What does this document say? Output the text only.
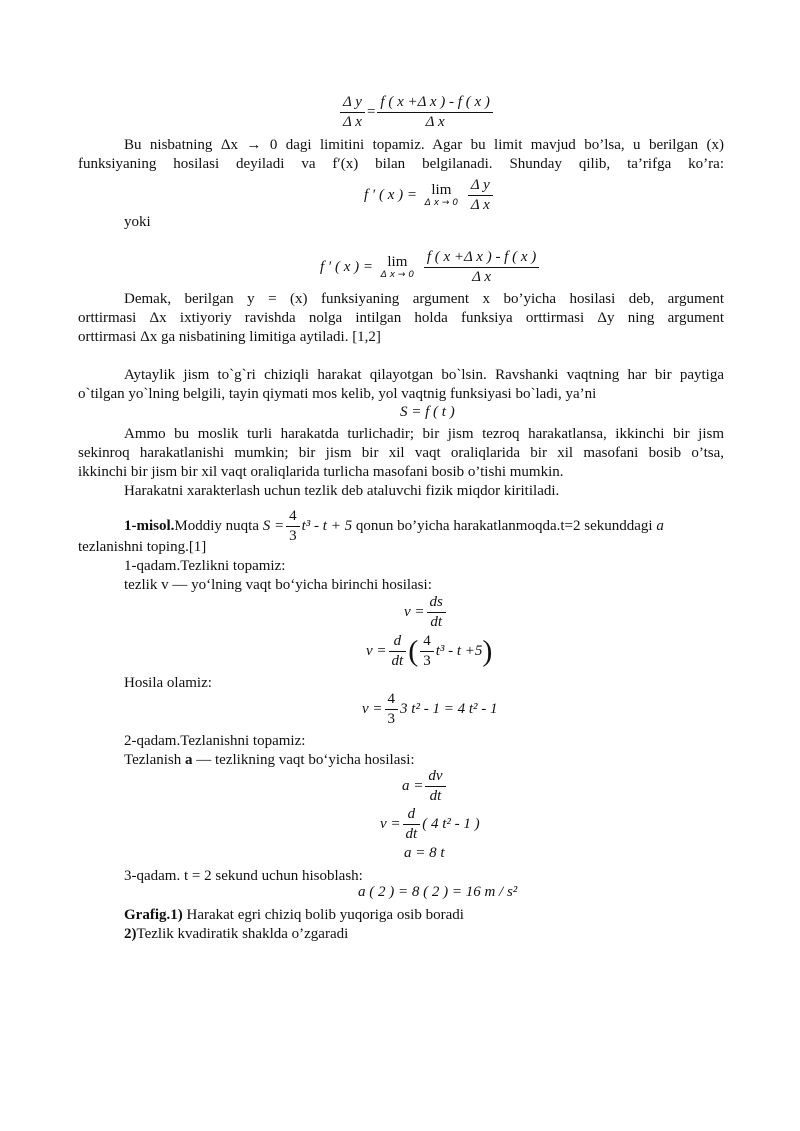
$\frac{\text{Δ y}}{\text{Δ x}} = \frac{\text{f ( x +Δ x ) - f ( x )}}{\text{Δ x}}$
Bu nisbatning Δx → 0 dagi limitini topamiz. Agar bu limit mavjud bo’lsa, u berilgan (x)
funksiyaning hosilasi deyiladi va f′(x) bilan belgilanadi. Shunday qilib, ta’rifga ko’ra:
f ′ ( x ) = lim
Δ x → 0
$\frac{\text{Δ y}}{\text{Δ x}}$
yoki
f ′ ( x ) = lim
Δ x → 0
$\frac{\text{f ( x +Δ x ) - f ( x )}}{\text{Δ x}}$
Demak, berilgan y = (x) funksiyaning argument x bo’yicha hosilasi deb, argument
orttirmasi Δx ixtiyoriy ravishda nolga intilgan holda funksiya orttirmasi Δy ning argument
orttirmasi Δx ga nisbatining limitiga aytiladi. [1,2]
Aytaylik jism to`g`ri chiziqli harakat qilayotgan bo`lsin. Ravshanki vaqtning har bir paytiga
o`tilgan yo`lning belgili, tayin qiymati mos kelib, yol vaqtnig funksiyasi bo`ladi, ya’ni
S = f ( t )
Ammo bu moslik turli harakatda turlichadir; bir jism tezroq harakatlansa, ikkinchi bir jism
sekinroq harakatlanishi mumkin; bir jism bir xil vaqt oraliqlarida bir xil masofani bosib o’tsa,
ikkinchi bir jism bir xil vaqt oraliqlarida turlicha masofani bosib o’tishi mumkin.
Harakatni xarakterlash uchun tezlik deb ataluvchi fizik miqdor kiritiladi.
1-misol.Moddiy nuqta $S = \frac{4}{3} t^3 - t + 5$ qonun bo’yicha harakatlanmoqda.t=2 sekunddagi a
tezlanishni toping.[1]
1-qadam.Tezlikni topamiz:
tezlik v — yoʻlning vaqt boʻyicha birinchi hosilasi:
$v = \frac{ds}{dt}$
$v = \frac{d}{dt}$ ( $\frac{4}{3} t^3 - t +5$)
Hosila olamiz:
$v = \frac{4}{3} 3$ t² - 1 = 4 t² - 1
2-qadam.Tezlanishni topamiz:
Tezlanish a — tezlikning vaqt boʻyicha hosilasi:
$a = \frac{dv}{dt}$
$v = \frac{d}{dt}$ ( 4 t² - 1 )
a = 8 t
3-qadam. t = 2 sekund uchun hisoblash:
a ( 2 ) = 8 ( 2 ) = 16 m / s²
Grafig.1) Harakat egri chiziq bolib yuqoriga osib boradi
2)Tezlik kvadiratik shaklda o’zgaradi
